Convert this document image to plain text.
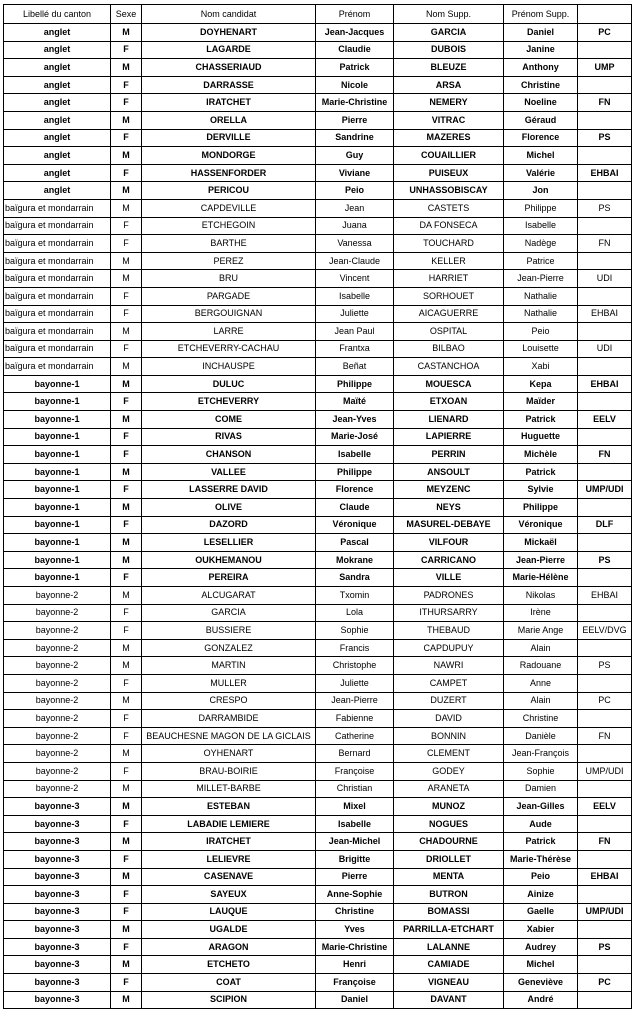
Libellé du canton	Sexe	Nom candidat	Prénom	Nom Supp.	Prénom Supp.	
anglet	M	DOYHENART	Jean-Jacques	GARCIA	Daniel	PC
anglet	F	LAGARDE	Claudie	DUBOIS	Janine	
anglet	M	CHASSERIAUD	Patrick	BLEUZE	Anthony	UMP
anglet	F	DARRASSE	Nicole	ARSA	Christine	
anglet	F	IRATCHET	Marie-Christine	NEMERY	Noeline	FN
anglet	M	ORELLA	Pierre	VITRAC	Géraud	
anglet	F	DERVILLE	Sandrine	MAZERES	Florence	PS
anglet	M	MONDORGE	Guy	COUAILLIER	Michel	
anglet	F	HASSENFORDER	Viviane	PUISEUX	Valérie	EHBAI
anglet	M	PERICOU	Peio	UNHASSOBISCAY	Jon	
baïgura et mondarrain	M	CAPDEVILLE	Jean	CASTETS	Philippe	PS
baïgura et mondarrain	F	ETCHEGOIN	Juana	DA FONSECA	Isabelle	
baïgura et mondarrain	F	BARTHE	Vanessa	TOUCHARD	Nadège	FN
baïgura et mondarrain	M	PEREZ	Jean-Claude	KELLER	Patrice	
baïgura et mondarrain	M	BRU	Vincent	HARRIET	Jean-Pierre	UDI
baïgura et mondarrain	F	PARGADE	Isabelle	SORHOUET	Nathalie	
baïgura et mondarrain	F	BERGOUIGNAN	Juliette	AICAGUERRE	Nathalie	EHBAI
baïgura et mondarrain	M	LARRE	Jean Paul	OSPITAL	Peio	
baïgura et mondarrain	F	ETCHEVERRY-CACHAU	Frantxa	BILBAO	Louisette	UDI
baïgura et mondarrain	M	INCHAUSPE	Beñat	CASTANCHOA	Xabi	
bayonne-1	M	DULUC	Philippe	MOUESCA	Kepa	EHBAI
bayonne-1	F	ETCHEVERRY	Maïté	ETXOAN	Maïder	
bayonne-1	M	COME	Jean-Yves	LIENARD	Patrick	EELV
bayonne-1	F	RIVAS	Marie-José	LAPIERRE	Huguette	
bayonne-1	F	CHANSON	Isabelle	PERRIN	Michèle	FN
bayonne-1	M	VALLEE	Philippe	ANSOULT	Patrick	
bayonne-1	F	LASSERRE DAVID	Florence	MEYZENC	Sylvie	UMP/UDI
bayonne-1	M	OLIVE	Claude	NEYS	Philippe	
bayonne-1	F	DAZORD	Véronique	MASUREL-DEBAYE	Véronique	DLF
bayonne-1	M	LESELLIER	Pascal	VILFOUR	Mickaël	
bayonne-1	M	OUKHEMANOU	Mokrane	CARRICANO	Jean-Pierre	PS
bayonne-1	F	PEREIRA	Sandra	VILLE	Marie-Hélène	
bayonne-2	M	ALCUGARAT	Txomin	PADRONES	Nikolas	EHBAI
bayonne-2	F	GARCIA	Lola	ITHURSARRY	Irène	
bayonne-2	F	BUSSIERE	Sophie	THEBAUD	Marie Ange	EELV/DVG
bayonne-2	M	GONZALEZ	Francis	CAPDUPUY	Alain	
bayonne-2	M	MARTIN	Christophe	NAWRI	Radouane	PS
bayonne-2	F	MULLER	Juliette	CAMPET	Anne	
bayonne-2	M	CRESPO	Jean-Pierre	DUZERT	Alain	PC
bayonne-2	F	DARRAMBIDE	Fabienne	DAVID	Christine	
bayonne-2	F	BEAUCHESNE MAGON DE LA GICLAIS	Catherine	BONNIN	Danièle	FN
bayonne-2	M	OYHENART	Bernard	CLEMENT	Jean-François	
bayonne-2	F	BRAU-BOIRIE	Françoise	GODEY	Sophie	UMP/UDI
bayonne-2	M	MILLET-BARBE	Christian	ARANETA	Damien	
bayonne-3	M	ESTEBAN	Mixel	MUNOZ	Jean-Gilles	EELV
bayonne-3	F	LABADIE LEMIERE	Isabelle	NOGUES	Aude	
bayonne-3	M	IRATCHET	Jean-Michel	CHADOURNE	Patrick	FN
bayonne-3	F	LELIEVRE	Brigitte	DRIOLLET	Marie-Thérèse	
bayonne-3	M	CASENAVE	Pierre	MENTA	Peio	EHBAI
bayonne-3	F	SAYEUX	Anne-Sophie	BUTRON	Ainize	
bayonne-3	F	LAUQUE	Christine	BOMASSI	Gaelle	UMP/UDI
bayonne-3	M	UGALDE	Yves	PARRILLA-ETCHART	Xabier	
bayonne-3	F	ARAGON	Marie-Christine	LALANNE	Audrey	PS
bayonne-3	M	ETCHETO	Henri	CAMIADE	Michel	
bayonne-3	F	COAT	Françoise	VIGNEAU	Geneviève	PC
bayonne-3	M	SCIPION	Daniel	DAVANT	André	
